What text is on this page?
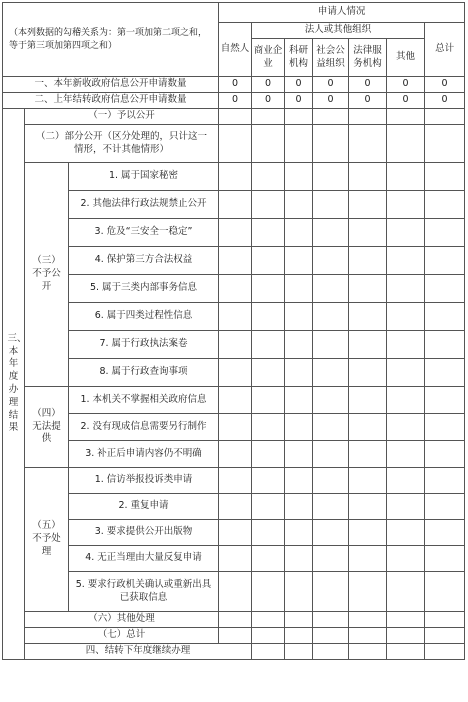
（本列数据的勾稽关系为：第一项加第二项之和，等于第三项加第四项之和）			申请人情况							

			自然人	法人或其他组织					总计	
				商业企业	科研机构	社会公益组织	法律服务机构	其他		
一、本年新收政府信息公开申请数量			0	0	0	0	0	0	0	
二、上年结转政府信息公开申请数量			0	0	0	0	0	0	0	

三、本年度办理结果	（一）予以公开									
	（二）部分公开（区分处理的，只计这一情形，不计其他情形）									

	（三）不予公开	1. 属于国家秘密								
		2. 其他法律行政法规禁止公开								
		3. 危及“三安全一稳定”								
		4. 保护第三方合法权益								
		5. 属于三类内部事务信息								
		6. 属于四类过程性信息								
		7. 属于行政执法案卷								
		8. 属于行政查询事项								

	（四）无法提供	1. 本机关不掌握相关政府信息								
		2. 没有现成信息需要另行制作								
		3. 补正后申请内容仍不明确								

	（五）不予处理	1. 信访举报投诉类申请								
		2. 重复申请								
		3. 要求提供公开出版物								
		4. 无正当理由大量反复申请								
		5. 要求行政机关确认或重新出具已获取信息								
	（六）其他处理									
	（七）总计									
	四、结转下年度继续办理									
